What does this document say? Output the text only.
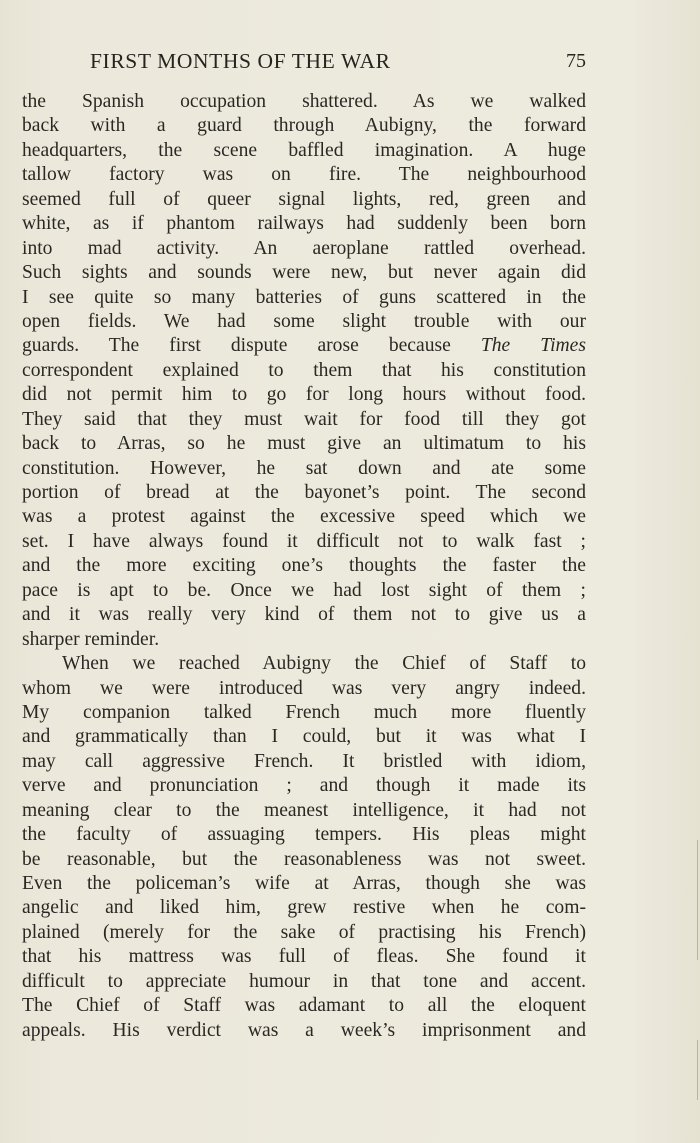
FIRST MONTHS OF THE WAR	75
the Spanish occupation shattered. As we walked
back with a guard through Aubigny, the forward
headquarters, the scene baffled imagination. A huge
tallow factory was on fire. The neighbourhood
seemed full of queer signal lights, red, green and
white, as if phantom railways had suddenly been born
into mad activity. An aeroplane rattled overhead.
Such sights and sounds were new, but never again did
I see quite so many batteries of guns scattered in the
open fields. We had some slight trouble with our
guards. The first dispute arose because The Times
correspondent explained to them that his constitution
did not permit him to go for long hours without food.
They said that they must wait for food till they got
back to Arras, so he must give an ultimatum to his
constitution. However, he sat down and ate some
portion of bread at the bayonet’s point. The second
was a protest against the excessive speed which we
set. I have always found it difficult not to walk fast ;
and the more exciting one’s thoughts the faster the
pace is apt to be. Once we had lost sight of them ;
and it was really very kind of them not to give us a
sharper reminder.
When we reached Aubigny the Chief of Staff to
whom we were introduced was very angry indeed.
My companion talked French much more fluently
and grammatically than I could, but it was what I
may call aggressive French. It bristled with idiom,
verve and pronunciation ; and though it made its
meaning clear to the meanest intelligence, it had not
the faculty of assuaging tempers. His pleas might
be reasonable, but the reasonableness was not sweet.
Even the policeman’s wife at Arras, though she was
angelic and liked him, grew restive when he com-
plained (merely for the sake of practising his French)
that his mattress was full of fleas. She found it
difficult to appreciate humour in that tone and accent.
The Chief of Staff was adamant to all the eloquent
appeals. His verdict was a week’s imprisonment and
